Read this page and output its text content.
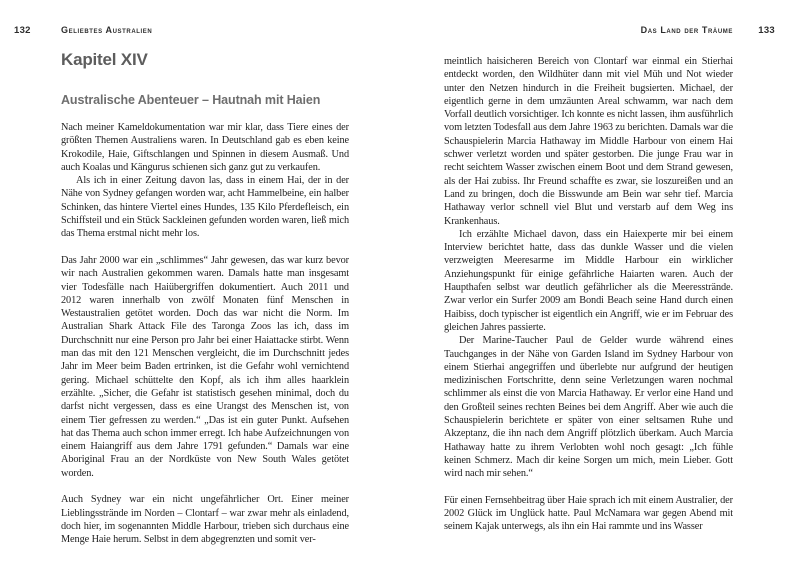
132	Geliebtes Australien
Kapitel XIV
Australische Abenteuer – Hautnah mit Haien

Nach meiner Kameldokumentation war mir klar, dass Tiere eines der größten Themen Australiens waren. In Deutschland gab es eben keine Krokodile, Haie, Giftschlangen und Spinnen in diesem Ausmaß. Und auch Koalas und Kängurus schienen sich ganz gut zu verkaufen.

Als ich in einer Zeitung davon las, dass in einem Hai, der in der Nähe von Sydney gefangen worden war, acht Hammelbeine, ein halber Schinken, das hintere Viertel eines Hundes, 135 Kilo Pferdefleisch, ein Schiffsteil und ein Stück Sackleinen gefunden worden waren, ließ mich das Thema erstmal nicht mehr los.

Das Jahr 2000 war ein „schlimmes“ Jahr gewesen, das war kurz bevor wir nach Australien gekommen waren. Damals hatte man insgesamt vier Todesfälle nach Haiübergriffen dokumentiert. Auch 2011 und 2012 waren innerhalb von zwölf Monaten fünf Menschen in Westaustralien getötet worden. Doch das war nicht die Norm. Im Australian Shark Attack File des Taronga Zoos las ich, dass im Durchschnitt nur eine Person pro Jahr bei einer Haiattacke stirbt. Wenn man das mit den 121 Menschen vergleicht, die im Durchschnitt jedes Jahr im Meer beim Baden ertrinken, ist die Gefahr wohl vernichtend gering. Michael schüttelte den Kopf, als ich ihm alles haarklein erzählte. „Sicher, die Gefahr ist statistisch gesehen minimal, doch du darfst nicht vergessen, dass es eine Urangst des Menschen ist, von einem Tier gefressen zu werden.“ „Das ist ein guter Punkt. Aufsehen hat das Thema auch schon immer erregt. Ich habe Aufzeichnungen von einem Haiangriff aus dem Jahre 1791 gefunden.“ Damals war eine Aboriginal Frau an der Nordküste von New South Wales getötet worden.

Auch Sydney war ein nicht ungefährlicher Ort. Einer meiner Lieblingsstrände im Norden – Clontarf – war zwar mehr als einladend, doch hier, im sogenannten Middle Harbour, trieben sich durchaus eine Menge Haie herum. Selbst in dem abgegrenzten und somit ver-

Das Land der Träume	133

meintlich haisicheren Bereich von Clontarf war einmal ein Stierhai entdeckt worden, den Wildhüter dann mit viel Müh und Not wieder unter den Netzen hindurch in die Freiheit bugsierten. Michael, der eigentlich gerne in dem umzäunten Areal schwamm, war nach dem Vorfall deutlich vorsichtiger. Ich konnte es nicht lassen, ihm ausführlich vom letzten Todesfall aus dem Jahre 1963 zu berichten. Damals war die Schauspielerin Marcia Hathaway im Middle Harbour von einem Hai schwer verletzt worden und später gestorben. Die junge Frau war in recht seichtem Wasser zwischen einem Boot und dem Strand gewesen, als der Hai zubiss. Ihr Freund schaffte es zwar, sie loszureißen und an Land zu bringen, doch die Bisswunde am Bein war sehr tief. Marcia Hathaway verlor schnell viel Blut und verstarb auf dem Weg ins Krankenhaus.

Ich erzählte Michael davon, dass ein Haiexperte mir bei einem Interview berichtet hatte, dass das dunkle Wasser und die vielen verzweigten Meeresarme im Middle Harbour ein wirklicher Anziehungspunkt für einige gefährliche Haiarten waren. Auch der Haupthafen selbst war deutlich gefährlicher als die Meeresstrände. Zwar verlor ein Surfer 2009 am Bondi Beach seine Hand durch einen Haibiss, doch typischer ist eigentlich ein Angriff, wie er im Februar des gleichen Jahres passierte.

Der Marine-Taucher Paul de Gelder wurde während eines Tauchganges in der Nähe von Garden Island im Sydney Harbour von einem Stierhai angegriffen und überlebte nur aufgrund der heutigen medizinischen Fortschritte, denn seine Verletzungen waren nochmal schlimmer als einst die von Marcia Hathaway. Er verlor eine Hand und den Großteil seines rechten Beines bei dem Angriff. Aber wie auch die Schauspielerin berichtete er später von einer seltsamen Ruhe und Akzeptanz, die ihn nach dem Angriff plötzlich überkam. Auch Marcia Hathaway hatte zu ihrem Verlobten wohl noch gesagt: „Ich fühle keinen Schmerz. Mach dir keine Sorgen um mich, mein Lieber. Gott wird nach mir sehen.“

Für einen Fernsehbeitrag über Haie sprach ich mit einem Australier, der 2002 Glück im Unglück hatte. Paul McNamara war gegen Abend mit seinem Kajak unterwegs, als ihn ein Hai rammte und ins Wasser
